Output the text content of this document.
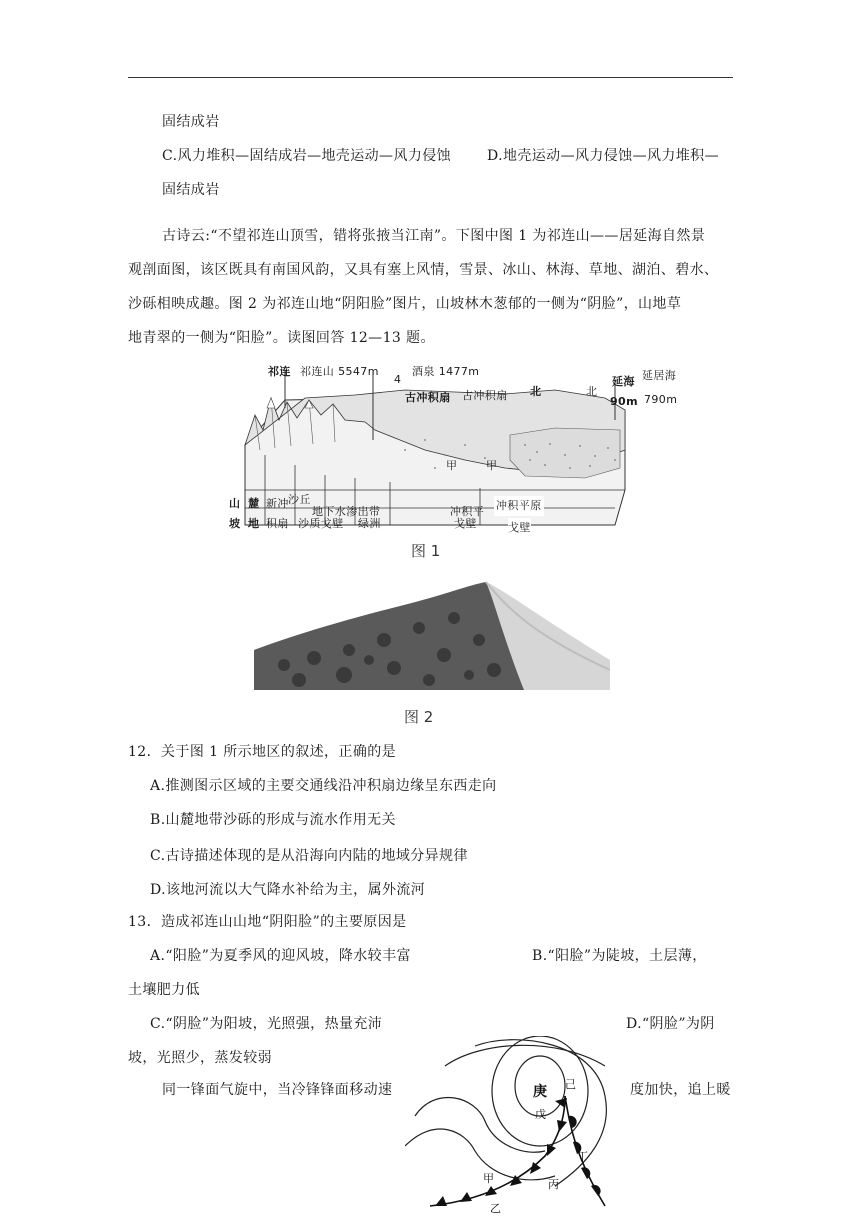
固结成岩
C.风力堆积—固结成岩—地壳运动—风力侵蚀	D.地壳运动—风力侵蚀—风力堆积—
固结成岩
古诗云:“不望祁连山顶雪，错将张掖当江南”。下图中图 1 为祁连山——居延海自然景
观剖面图，该区既具有南国风韵，又具有塞上风情，雪景、冰山、林海、草地、湖泊、碧水、
沙砾相映成趣。图 2 为祁连山地“阴阳脸”图片，山坡林木葱郁的一侧为“阴脸”，山地草
地青翠的一侧为“阳脸”。读图回答 12—13 题。
祁连 祁连山 5547m
4
酒泉 1477m
古冲积扇 古冲积扇 北	北
延海 延居海
90m 790m
甲	甲
山
坡
麓
地
新冲
积扇
沙丘
地下水渗出带
沙质戈壁 绿洲
冲积平
戈壁
冲积平原
戈壁
图 1
图 2
12．关于图 1 所示地区的叙述，正确的是
A.推测图示区域的主要交通线沿冲积扇边缘呈东西走向
B.山麓地带沙砾的形成与流水作用无关
C.古诗描述体现的是从沿海向内陆的地域分异规律
D.该地河流以大气降水补给为主，属外流河
13．造成祁连山山地“阴阳脸”的主要原因是
A.“阳脸”为夏季风的迎风坡，降水较丰富	B.“阳脸”为陡坡，土层薄，
土壤肥力低
C.“阴脸”为阳坡，光照强，热量充沛	D.“阴脸”为阴
坡，光照少，蒸发较弱
同一锋面气旋中，当冷锋锋面移动速	度加快，追上暖
庚 己
戊
丁
甲	丙
乙
